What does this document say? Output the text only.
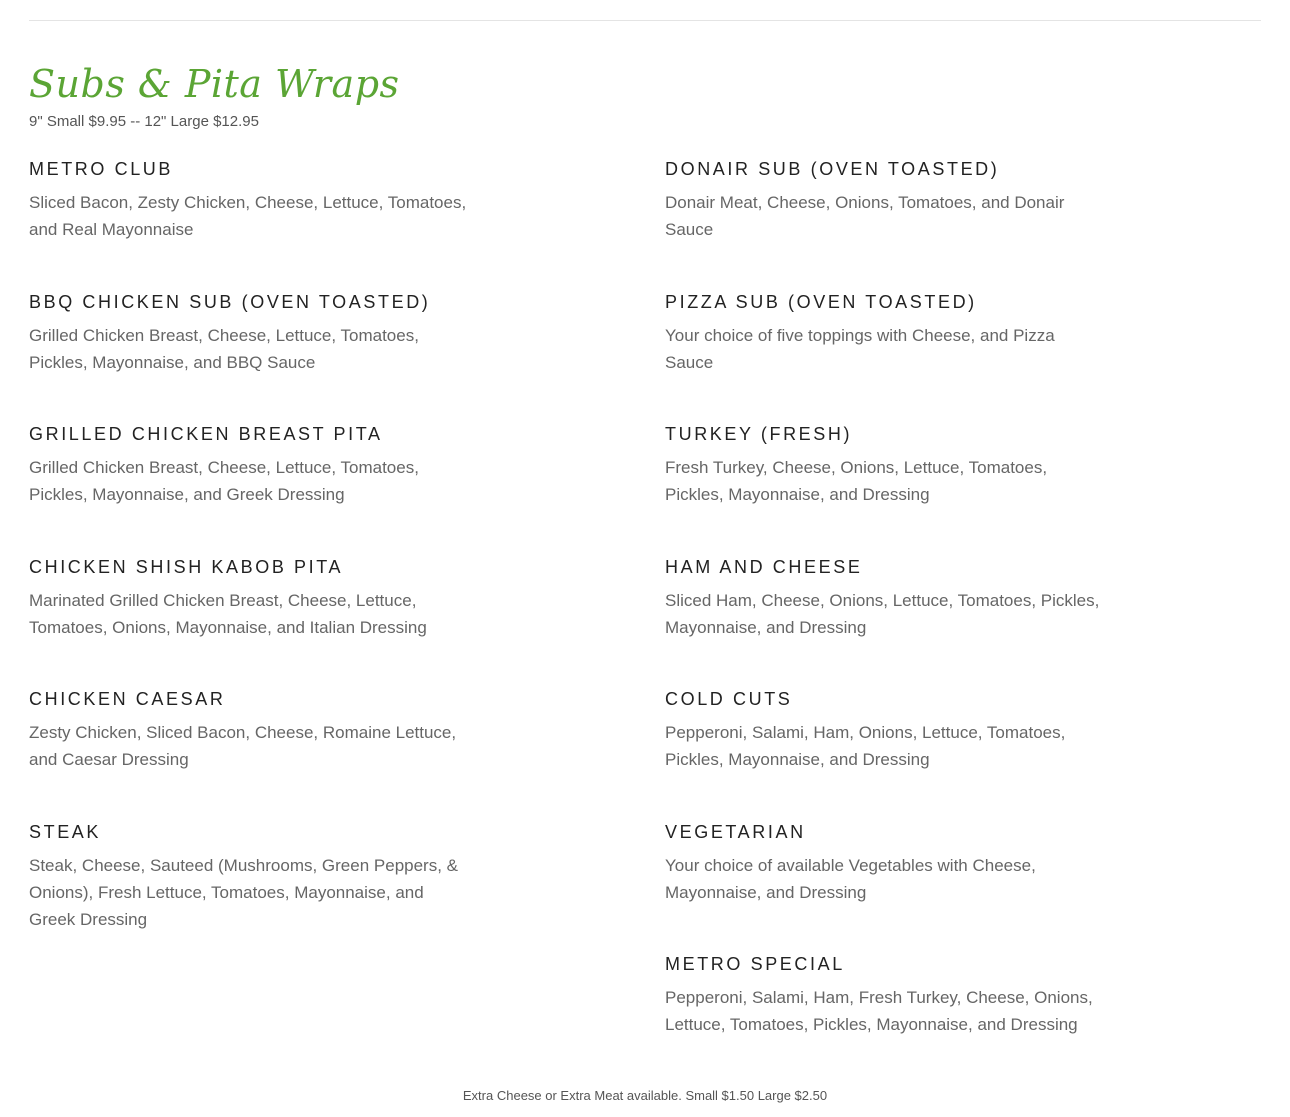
Subs & Pita Wraps
9" Small $9.95 -- 12" Large $12.95
METRO CLUB

Sliced Bacon, Zesty Chicken, Cheese, Lettuce, Tomatoes, and Real Mayonnaise

BBQ CHICKEN SUB (OVEN TOASTED)

Grilled Chicken Breast, Cheese, Lettuce, Tomatoes, Pickles, Mayonnaise, and BBQ Sauce

GRILLED CHICKEN BREAST PITA

Grilled Chicken Breast, Cheese, Lettuce, Tomatoes, Pickles, Mayonnaise, and Greek Dressing

CHICKEN SHISH KABOB PITA

Marinated Grilled Chicken Breast, Cheese, Lettuce, Tomatoes, Onions, Mayonnaise, and Italian Dressing

CHICKEN CAESAR

Zesty Chicken, Sliced Bacon, Cheese, Romaine Lettuce, and Caesar Dressing

STEAK

Steak, Cheese, Sauteed (Mushrooms, Green Peppers, & Onions), Fresh Lettuce, Tomatoes, Mayonnaise, and Greek Dressing

DONAIR SUB (OVEN TOASTED)

Donair Meat, Cheese, Onions, Tomatoes, and Donair Sauce

PIZZA SUB (OVEN TOASTED)

Your choice of five toppings with Cheese, and Pizza Sauce

TURKEY (FRESH)

Fresh Turkey, Cheese, Onions, Lettuce, Tomatoes, Pickles, Mayonnaise, and Dressing

HAM AND CHEESE

Sliced Ham, Cheese, Onions, Lettuce, Tomatoes, Pickles, Mayonnaise, and Dressing

COLD CUTS

Pepperoni, Salami, Ham, Onions, Lettuce, Tomatoes, Pickles, Mayonnaise, and Dressing

VEGETARIAN

Your choice of available Vegetables with Cheese, Mayonnaise, and Dressing

METRO SPECIAL

Pepperoni, Salami, Ham, Fresh Turkey, Cheese, Onions, Lettuce, Tomatoes, Pickles, Mayonnaise, and Dressing

Extra Cheese or Extra Meat available. Small $1.50 Large $2.50
